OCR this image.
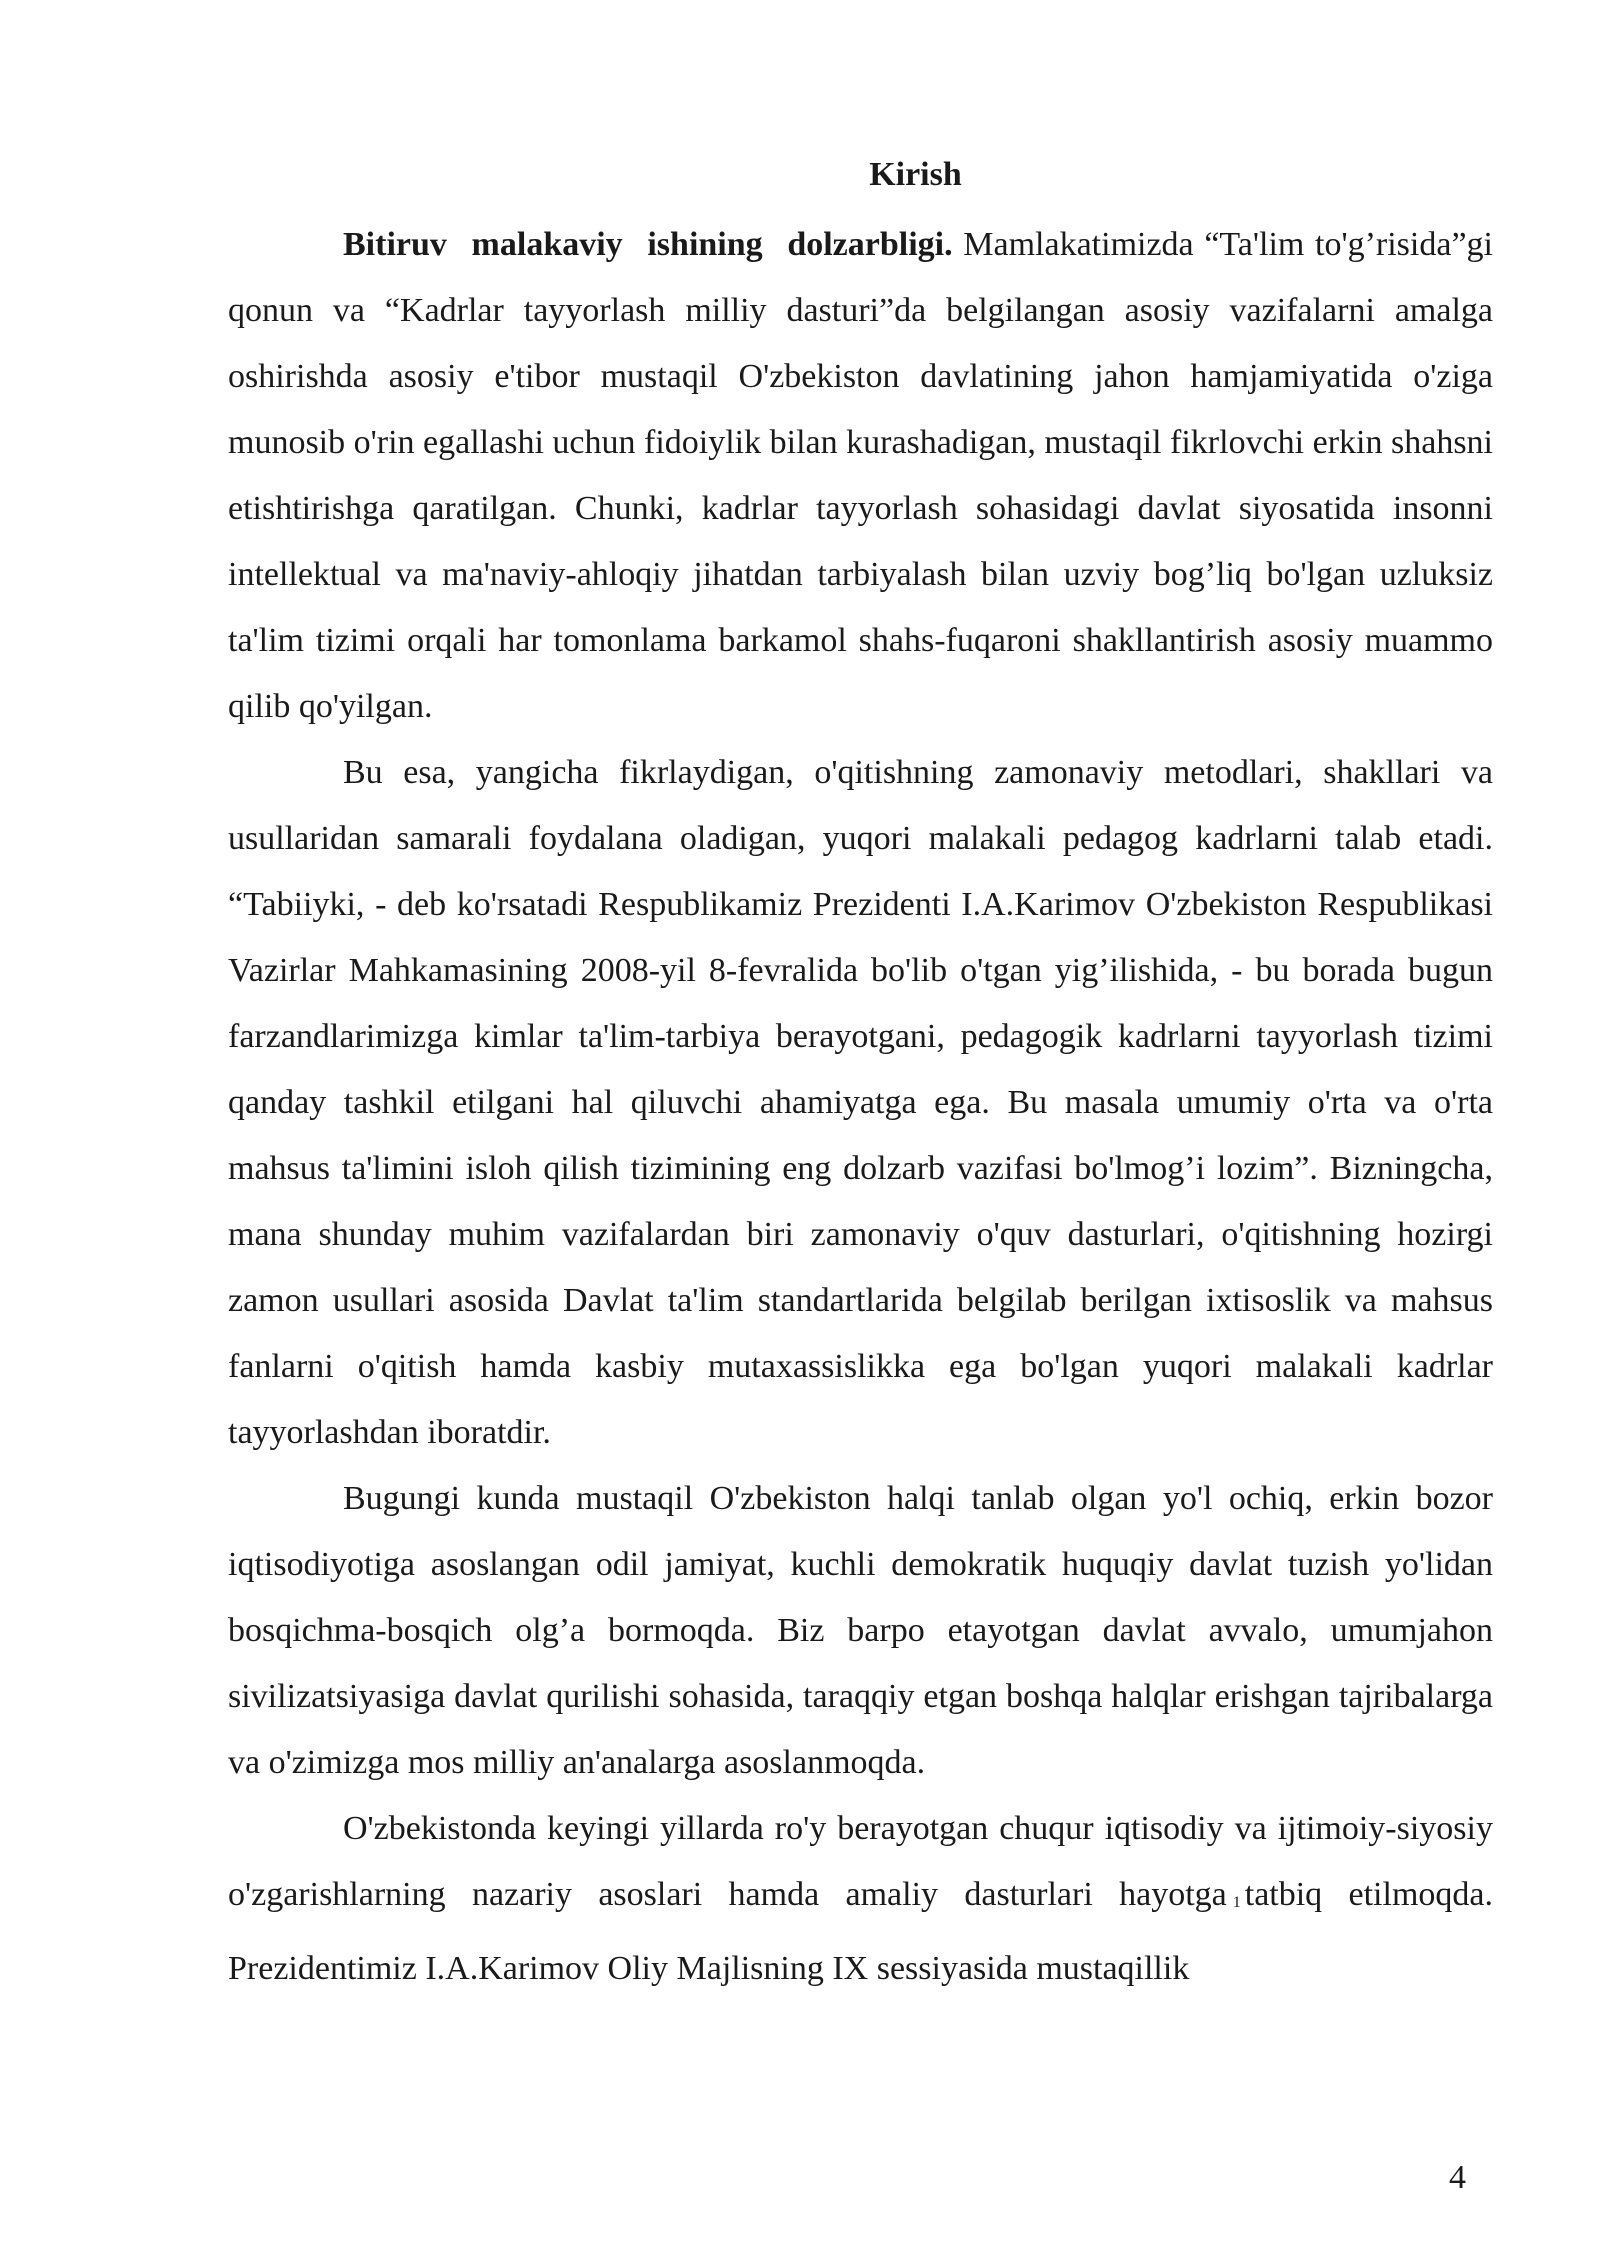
Kirish

Bitiruv malakaviy ishining dolzarbligi. Mamlakatimizda “Ta'lim to'g’risida”gi qonun va “Kadrlar tayyorlash milliy dasturi”da belgilangan asosiy vazifalarni amalga oshirishda asosiy e'tibor mustaqil O'zbekiston davlatining jahon hamjamiyatida o'ziga munosib o'rin egallashi uchun fidoiylik bilan kurashadigan, mustaqil fikrlovchi erkin shahsni etishtirishga qaratilgan. Chunki, kadrlar tayyorlash sohasidagi davlat siyosatida insonni intellektual va ma'naviy-ahloqiy jihatdan tarbiyalash bilan uzviy bog’liq bo'lgan uzluksiz ta'lim tizimi orqali har tomonlama barkamol shahs-fuqaroni shakllantirish asosiy muammo qilib qo'yilgan.

Bu esa, yangicha fikrlaydigan, o'qitishning zamonaviy metodlari, shakllari va usullaridan samarali foydalana oladigan, yuqori malakali pedagog kadrlarni talab etadi. “Tabiiyki, - deb ko'rsatadi Respublikamiz Prezidenti I.A.Karimov O'zbekiston Respublikasi Vazirlar Mahkamasining 2008-yil 8-fevralida bo'lib o'tgan yig’ilishida, - bu borada bugun farzandlarimizga kimlar ta'lim-tarbiya berayotgani, pedagogik kadrlarni tayyorlash tizimi qanday tashkil etilgani hal qiluvchi ahamiyatga ega. Bu masala umumiy o'rta va o'rta mahsus ta'limini isloh qilish tizimining eng dolzarb vazifasi bo'lmog’i lozim”. Bizningcha, mana shunday muhim vazifalardan biri zamonaviy o'quv dasturlari, o'qitishning hozirgi zamon usullari asosida Davlat ta'lim standartlarida belgilab berilgan ixtisoslik va mahsus fanlarni o'qitish hamda kasbiy mutaxassislikka ega bo'lgan yuqori malakali kadrlar tayyorlashdan iboratdir.

Bugungi kunda mustaqil O'zbekiston halqi tanlab olgan yo'l ochiq, erkin bozor iqtisodiyotiga asoslangan odil jamiyat, kuchli demokratik huquqiy davlat tuzish yo'lidan bosqichma-bosqich olg’a bormoqda. Biz barpo etayotgan davlat avvalo, umumjahon sivilizatsiyasiga davlat qurilishi sohasida, taraqqiy etgan boshqa halqlar erishgan tajribalarga va o'zimizga mos milliy an'analarga asoslanmoqda.

O'zbekistonda keyingi yillarda ro'y berayotgan chuqur iqtisodiy va ijtimoiy-siyosiy o'zgarishlarning nazariy asoslari hamda amaliy dasturlari hayotga 1 tatbiq etilmoqda. Prezidentimiz I.A.Karimov Oliy Majlisning IX sessiyasida mustaqillik

4
